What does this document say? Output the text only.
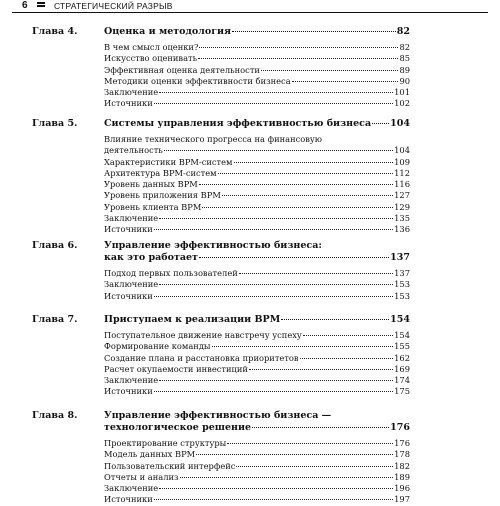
6	СТРАТЕГИЧЕСКИЙ РАЗРЫВ
Глава 4.	Оценка и методология	82
В чем смысл оценки?	82
Искусство оценивать	85
Эффективная оценка деятельности	89
Методики оценки эффективности бизнеса	90
Заключение	101
Источники	102
Глава 5.	Системы управления эффективностью бизнеса 104
Влияние технического прогресса на финансовую
деятельность	104
Характеристики BPM-систем	109
Архитектура BPM-систем	112
Уровень данных BPM	116
Уровень приложения BPM	127
Уровень клиента BPM	129
Заключение	135
Источники	136
Глава 6.	Управление эффективностью бизнеса:
как это работает	137
Подход первых пользователей	137
Заключение	153
Источники	153
Глава 7.	Приступаем к реализации BPM	154
Поступательное движение навстречу успеху	154
Формирование команды	155
Создание плана и расстановка приоритетов	162
Расчет окупаемости инвестиций	169
Заключение	174
Источники	175
Глава 8.	Управление эффективностью бизнеса —
технологическое решение	176
Проектирование структуры	176
Модель данных BPM	178
Пользовательский интерфейс	182
Отчеты и анализ	189
Заключение	196
Источники	197
